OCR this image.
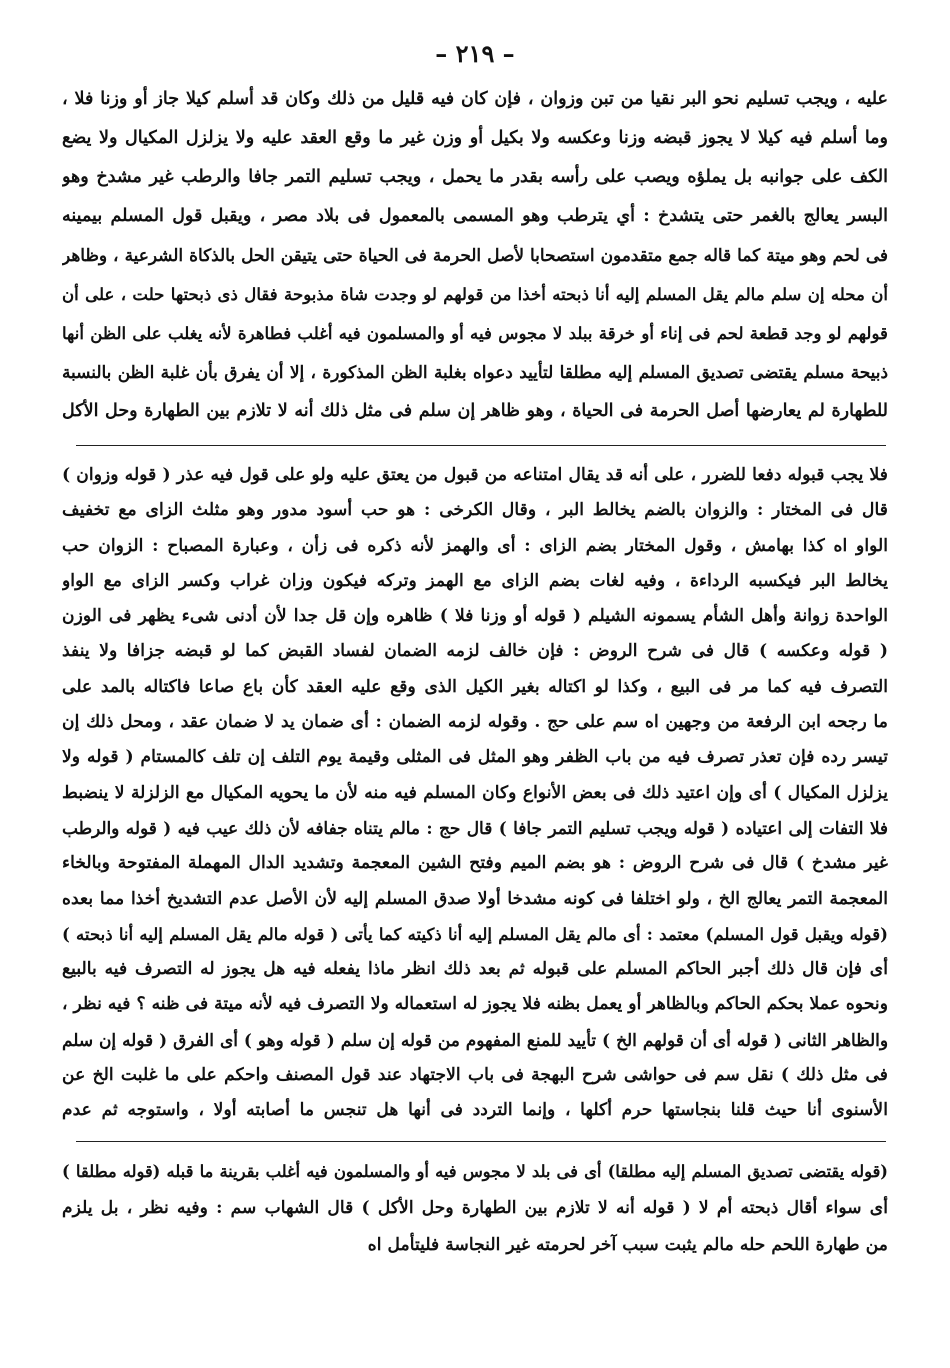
– ٢١٩ –
عليه ، ويجب تسليم نحو البر نقيا من تبن وزوان ، فإن كان فيه قليل من ذلك وكان قد أسلم كيلا جاز أو وزنا فلا ،
وما أسلم فيه كيلا لا يجوز قبضه وزنا وعكسه ولا بكيل أو وزن غير ما وقع العقد عليه ولا يزلزل المكيال ولا يضع
الكف على جوانبه بل يملؤه ويصب على رأسه بقدر ما يحمل ، ويجب تسليم التمر جافا والرطب غير مشدخ وهو
البسر يعالج بالغمر حتى يتشدخ : أي يترطب وهو المسمى بالمعمول فى بلاد مصر ، ويقبل قول المسلم بيمينه
فى لحم وهو ميتة كما قاله جمع متقدمون استصحابا لأصل الحرمة فى الحياة حتى يتيقن الحل بالذكاة الشرعية ، وظاهر
أن محله إن سلم مالم يقل المسلم إليه أنا ذبحته أخذا من قولهم لو وجدت شاة مذبوحة فقال ذى ذبحتها حلت ، على أن
قولهم لو وجد قطعة لحم فى إناء أو خرقة ببلد لا مجوس فيه أو والمسلمون فيه أغلب فطاهرة لأنه يغلب على الظن أنها
ذبيحة مسلم يقتضى تصديق المسلم إليه مطلقا لتأييد دعواه بغلبة الظن المذكورة ، إلا أن يفرق بأن غلبة الظن بالنسبة
للطهارة لم يعارضها أصل الحرمة فى الحياة ، وهو ظاهر إن سلم فى مثل ذلك أنه لا تلازم بين الطهارة وحل الأكل
فلا يجب قبوله دفعا للضرر ، على أنه قد يقال امتناعه من قبول من يعتق عليه ولو على قول فيه عذر ( قوله وزوان )
قال فى المختار : والزوان بالضم يخالط البر ، وقال الكرخى : هو حب أسود مدور وهو مثلث الزاى مع تخفيف
الواو اه كذا بهامش ، وقول المختار بضم الزاى : أى والهمز لأنه ذكره فى زأن ، وعبارة المصباح : الزوان حب
يخالط البر فيكسبه الرداءة ، وفيه لغات بضم الزاى مع الهمز وتركه فيكون وزان غراب وكسر الزاى مع الواو
الواحدة زوانة وأهل الشأم يسمونه الشيلم ( قوله أو وزنا فلا ) ظاهره وإن قل جدا لأن أدنى شىء يظهر فى الوزن
( قوله وعكسه ) قال فى شرح الروض : فإن خالف لزمه الضمان لفساد القبض كما لو قبضه جزافا ولا ينفذ
التصرف فيه كما مر فى البيع ، وكذا لو اكتاله بغير الكيل الذى وقع عليه العقد كأن باع صاعا فاكتاله بالمد على
ما رجحه ابن الرفعة من وجهين اه سم على حج . وقوله لزمه الضمان : أى ضمان يد لا ضمان عقد ، ومحل ذلك إن
تيسر رده فإن تعذر تصرف فيه من باب الظفر وهو المثل فى المثلى وقيمة يوم التلف إن تلف كالمستام ( قوله ولا
يزلزل المكيال ) أى وإن اعتيد ذلك فى بعض الأنواع وكان المسلم فيه منه لأن ما يحويه المكيال مع الزلزلة لا ينضبط
فلا التفات إلى اعتياده ( قوله ويجب تسليم التمر جافا ) قال حج : مالم يتناه جفافه لأن ذلك عيب فيه ( قوله والرطب
غير مشدخ ) قال فى شرح الروض : هو بضم الميم وفتح الشين المعجمة وتشديد الدال المهملة المفتوحة وبالخاء
المعجمة التمر يعالج الخ ، ولو اختلفا فى كونه مشدخا أولا صدق المسلم إليه لأن الأصل عدم التشديخ أخذا مما بعده
(قوله ويقبل قول المسلم) معتمد : أى مالم يقل المسلم إليه أنا ذكيته كما يأتى ( قوله مالم يقل المسلم إليه أنا ذبحته )
أى فإن قال ذلك أجبر الحاكم المسلم على قبوله ثم بعد ذلك انظر ماذا يفعله فيه هل يجوز له التصرف فيه بالبيع
ونحوه عملا بحكم الحاكم وبالظاهر أو يعمل بظنه فلا يجوز له استعماله ولا التصرف فيه لأنه ميتة فى ظنه ؟ فيه نظر ،
والظاهر الثانى ( قوله أى أن قولهم الخ ) تأييد للمنع المفهوم من قوله إن سلم ( قوله وهو ) أى الفرق ( قوله إن سلم
فى مثل ذلك ) نقل سم فى حواشى شرح البهجة فى باب الاجتهاد عند قول المصنف واحكم على ما غلبت الخ عن
الأسنوى أنا حيث قلنا بنجاستها حرم أكلها ، وإنما التردد فى أنها هل تنجس ما أصابته أولا ، واستوجه ثم عدم
(قوله يقتضى تصديق المسلم إليه مطلقا) أى فى بلد لا مجوس فيه أو والمسلمون فيه أغلب بقرينة ما قبله (قوله مطلقا )
أى سواء أقال ذبحته أم لا ( قوله أنه لا تلازم بين الطهارة وحل الأكل ) قال الشهاب سم : وفيه نظر ، بل يلزم
من طهارة اللحم حله مالم يثبت سبب آخر لحرمته غير النجاسة فليتأمل اه
